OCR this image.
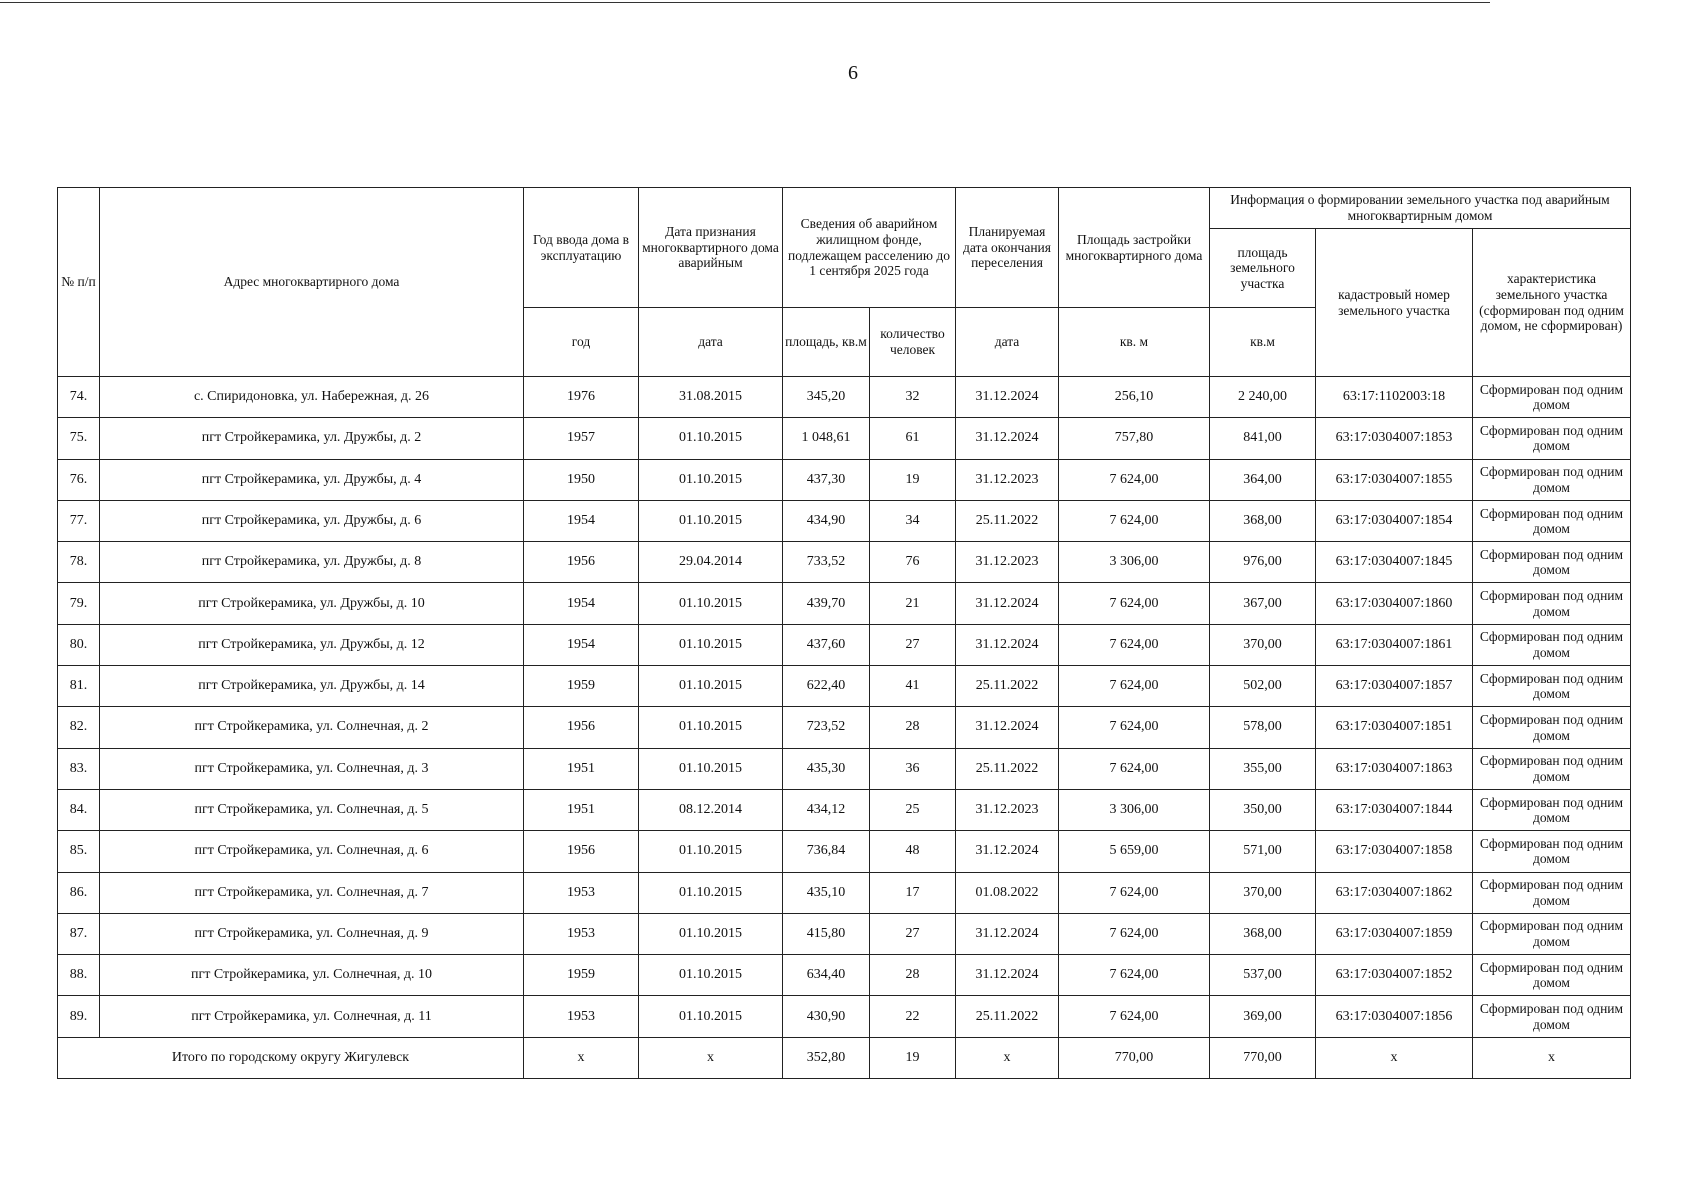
6
№ п/п	Адрес многоквартирного дома	Год ввода дома в эксплуатацию	Дата признания многоквартирного дома аварийным	Сведения об аварийном жилищном фонде, подлежащем расселению до 1 сентября 2025 года		Планируемая дата окончания переселения	Площадь застройки многоквартирного дома	Информация о формировании земельного участка под аварийным многоквартирным домом		
								площадь земельного участка	кадастровый номер земельного участка	характеристика земельного участка (сформирован под одним домом, не сформирован)
		год	дата	площадь, кв.м	количество человек	дата	кв. м	кв.м		
74.	с. Спиридоновка, ул. Набережная, д. 26	1976	31.08.2015	345,20	32	31.12.2024	256,10	2 240,00	63:17:1102003:18	Сформирован под одним домом
75.	пгт Стройкерамика, ул. Дружбы, д. 2	1957	01.10.2015	1 048,61	61	31.12.2024	757,80	841,00	63:17:0304007:1853	Сформирован под одним домом
76.	пгт Стройкерамика, ул. Дружбы, д. 4	1950	01.10.2015	437,30	19	31.12.2023	7 624,00	364,00	63:17:0304007:1855	Сформирован под одним домом
77.	пгт Стройкерамика, ул. Дружбы, д. 6	1954	01.10.2015	434,90	34	25.11.2022	7 624,00	368,00	63:17:0304007:1854	Сформирован под одним домом
78.	пгт Стройкерамика, ул. Дружбы, д. 8	1956	29.04.2014	733,52	76	31.12.2023	3 306,00	976,00	63:17:0304007:1845	Сформирован под одним домом
79.	пгт Стройкерамика, ул. Дружбы, д. 10	1954	01.10.2015	439,70	21	31.12.2024	7 624,00	367,00	63:17:0304007:1860	Сформирован под одним домом
80.	пгт Стройкерамика, ул. Дружбы, д. 12	1954	01.10.2015	437,60	27	31.12.2024	7 624,00	370,00	63:17:0304007:1861	Сформирован под одним домом
81.	пгт Стройкерамика, ул. Дружбы, д. 14	1959	01.10.2015	622,40	41	25.11.2022	7 624,00	502,00	63:17:0304007:1857	Сформирован под одним домом
82.	пгт Стройкерамика, ул. Солнечная, д. 2	1956	01.10.2015	723,52	28	31.12.2024	7 624,00	578,00	63:17:0304007:1851	Сформирован под одним домом
83.	пгт Стройкерамика, ул. Солнечная, д. 3	1951	01.10.2015	435,30	36	25.11.2022	7 624,00	355,00	63:17:0304007:1863	Сформирован под одним домом
84.	пгт Стройкерамика, ул. Солнечная, д. 5	1951	08.12.2014	434,12	25	31.12.2023	3 306,00	350,00	63:17:0304007:1844	Сформирован под одним домом
85.	пгт Стройкерамика, ул. Солнечная, д. 6	1956	01.10.2015	736,84	48	31.12.2024	5 659,00	571,00	63:17:0304007:1858	Сформирован под одним домом
86.	пгт Стройкерамика, ул. Солнечная, д. 7	1953	01.10.2015	435,10	17	01.08.2022	7 624,00	370,00	63:17:0304007:1862	Сформирован под одним домом
87.	пгт Стройкерамика, ул. Солнечная, д. 9	1953	01.10.2015	415,80	27	31.12.2024	7 624,00	368,00	63:17:0304007:1859	Сформирован под одним домом
88.	пгт Стройкерамика, ул. Солнечная, д. 10	1959	01.10.2015	634,40	28	31.12.2024	7 624,00	537,00	63:17:0304007:1852	Сформирован под одним домом
89.	пгт Стройкерамика, ул. Солнечная, д. 11	1953	01.10.2015	430,90	22	25.11.2022	7 624,00	369,00	63:17:0304007:1856	Сформирован под одним домом
Итого по городскому округу Жигулевск		x	x	352,80	19	x	770,00	770,00	x	x
